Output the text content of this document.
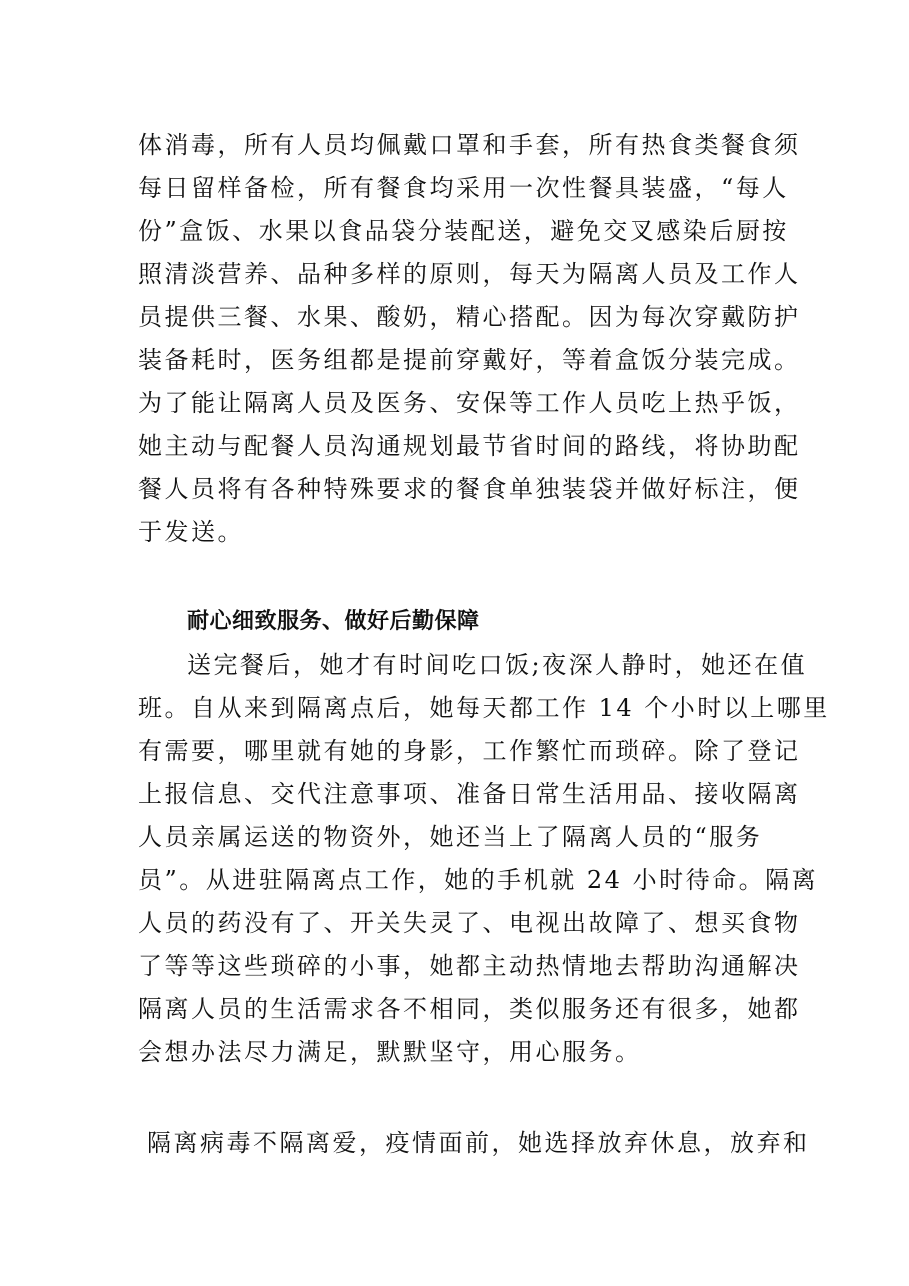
体消毒，所有人员均佩戴口罩和手套，所有热食类餐食须
每日留样备检，所有餐食均采用一次性餐具装盛，“每人
份”盒饭、水果以食品袋分装配送，避免交叉感染后厨按
照清淡营养、品种多样的原则，每天为隔离人员及工作人
员提供三餐、水果、酸奶，精心搭配。因为每次穿戴防护
装备耗时，医务组都是提前穿戴好，等着盒饭分装完成。
为了能让隔离人员及医务、安保等工作人员吃上热乎饭，
她主动与配餐人员沟通规划最节省时间的路线，将协助配
餐人员将有各种特殊要求的餐食单独装袋并做好标注，便
于发送。
耐心细致服务、做好后勤保障
送完餐后，她才有时间吃口饭;夜深人静时，她还在值
班。自从来到隔离点后，她每天都工作 14 个小时以上哪里
有需要，哪里就有她的身影，工作繁忙而琐碎。除了登记
上报信息、交代注意事项、准备日常生活用品、接收隔离
人员亲属运送的物资外，她还当上了隔离人员的“服务
员”。从进驻隔离点工作，她的手机就 24 小时待命。隔离
人员的药没有了、开关失灵了、电视出故障了、想买食物
了等等这些琐碎的小事，她都主动热情地去帮助沟通解决
隔离人员的生活需求各不相同，类似服务还有很多，她都
会想办法尽力满足，默默坚守，用心服务。
隔离病毒不隔离爱，疫情面前，她选择放弃休息，放弃和
